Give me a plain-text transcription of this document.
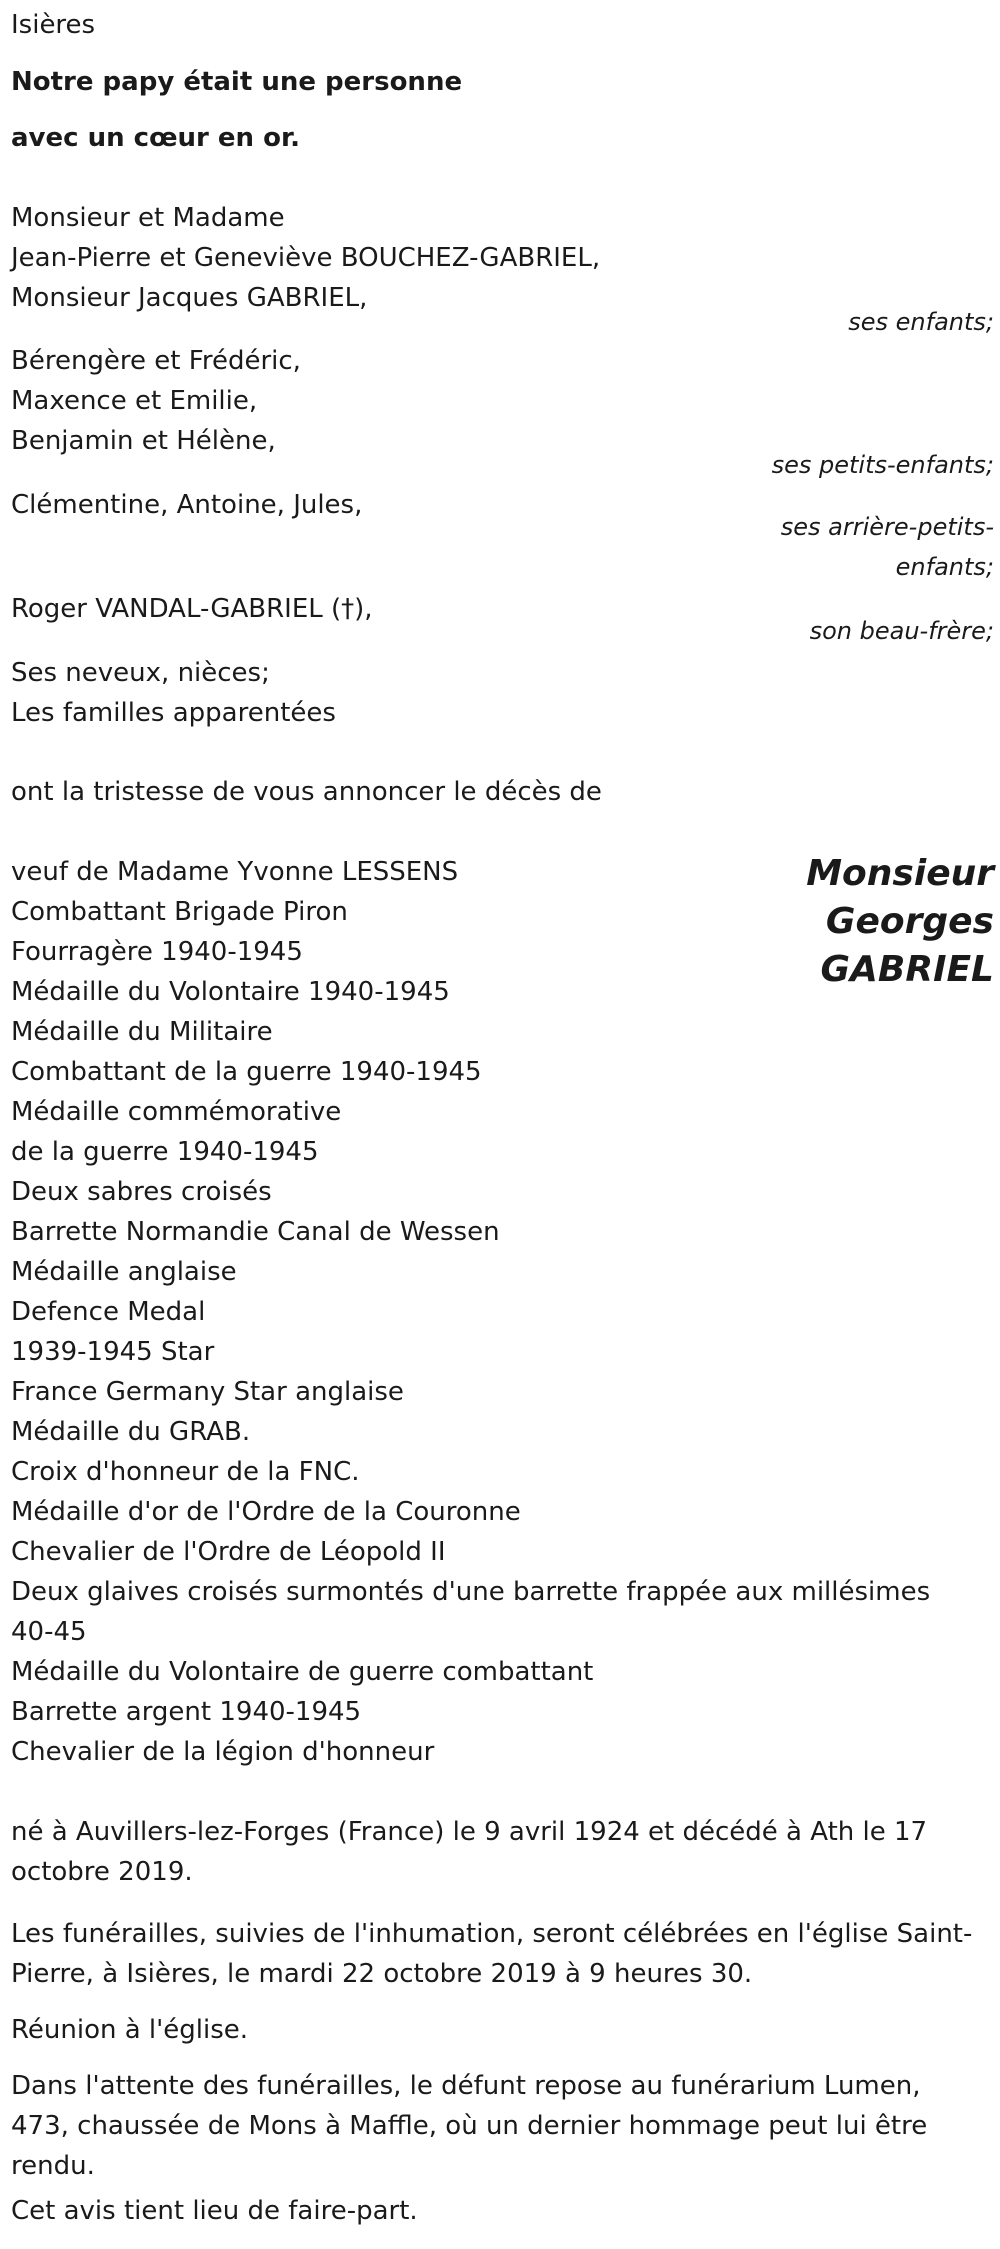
Isières
Notre papy était une personne
avec un cœur en or.
Monsieur et Madame
Jean-Pierre et Geneviève BOUCHEZ-GABRIEL,
Monsieur Jacques GABRIEL,
ses enfants;
Bérengère et Frédéric,
Maxence et Emilie,
Benjamin et Hélène,
ses petits-enfants;
Clémentine, Antoine, Jules,
ses arrière-petits-
enfants;
Roger VANDAL-GABRIEL (†),
son beau-frère;
Ses neveux, nièces;
Les familles apparentées
ont la tristesse de vous annoncer le décès de
Monsieur
Georges
GABRIEL
veuf de Madame Yvonne LESSENS
Combattant Brigade Piron
Fourragère 1940-1945
Médaille du Volontaire 1940-1945
Médaille du Militaire
Combattant de la guerre 1940-1945
Médaille commémorative
de la guerre 1940-1945
Deux sabres croisés
Barrette Normandie Canal de Wessen
Médaille anglaise
Defence Medal
1939-1945 Star
France Germany Star anglaise
Médaille du GRAB.
Croix d'honneur de la FNC.
Médaille d'or de l'Ordre de la Couronne
Chevalier de l'Ordre de Léopold II
Deux glaives croisés surmontés d'une barrette frappée aux millésimes
40-45
Médaille du Volontaire de guerre combattant
Barrette argent 1940-1945
Chevalier de la légion d'honneur
né à Auvillers-lez-Forges (France) le 9 avril 1924 et décédé à Ath le 17 octobre 2019.
Les funérailles, suivies de l'inhumation, seront célébrées en l'église Saint-Pierre, à Isières, le mardi 22 octobre 2019 à 9 heures 30.
Réunion à l'église.
Dans l'attente des funérailles, le défunt repose au funérarium Lumen, 473, chaussée de Mons à Maffle, où un dernier hommage peut lui être rendu.
Cet avis tient lieu de faire-part.
